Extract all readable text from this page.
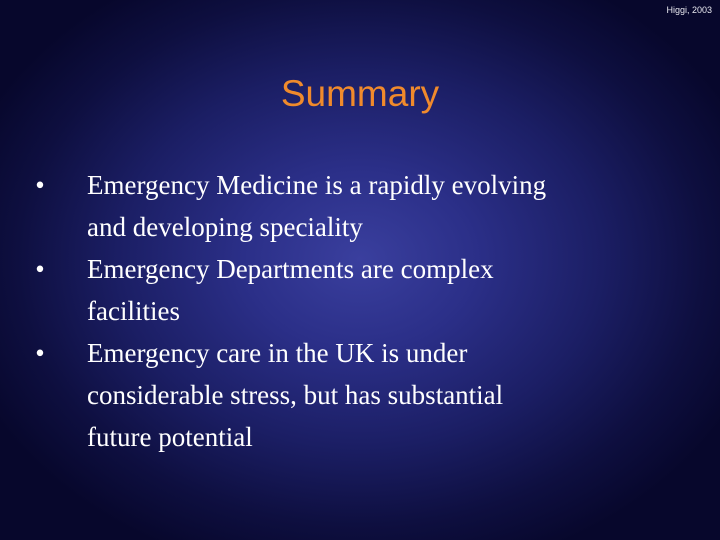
Higgi, 2003
Summary
• Emergency Medicine is a rapidly evolving
and developing speciality
• Emergency Departments are complex
facilities
• Emergency care in the UK is under
considerable stress, but has substantial
future potential
